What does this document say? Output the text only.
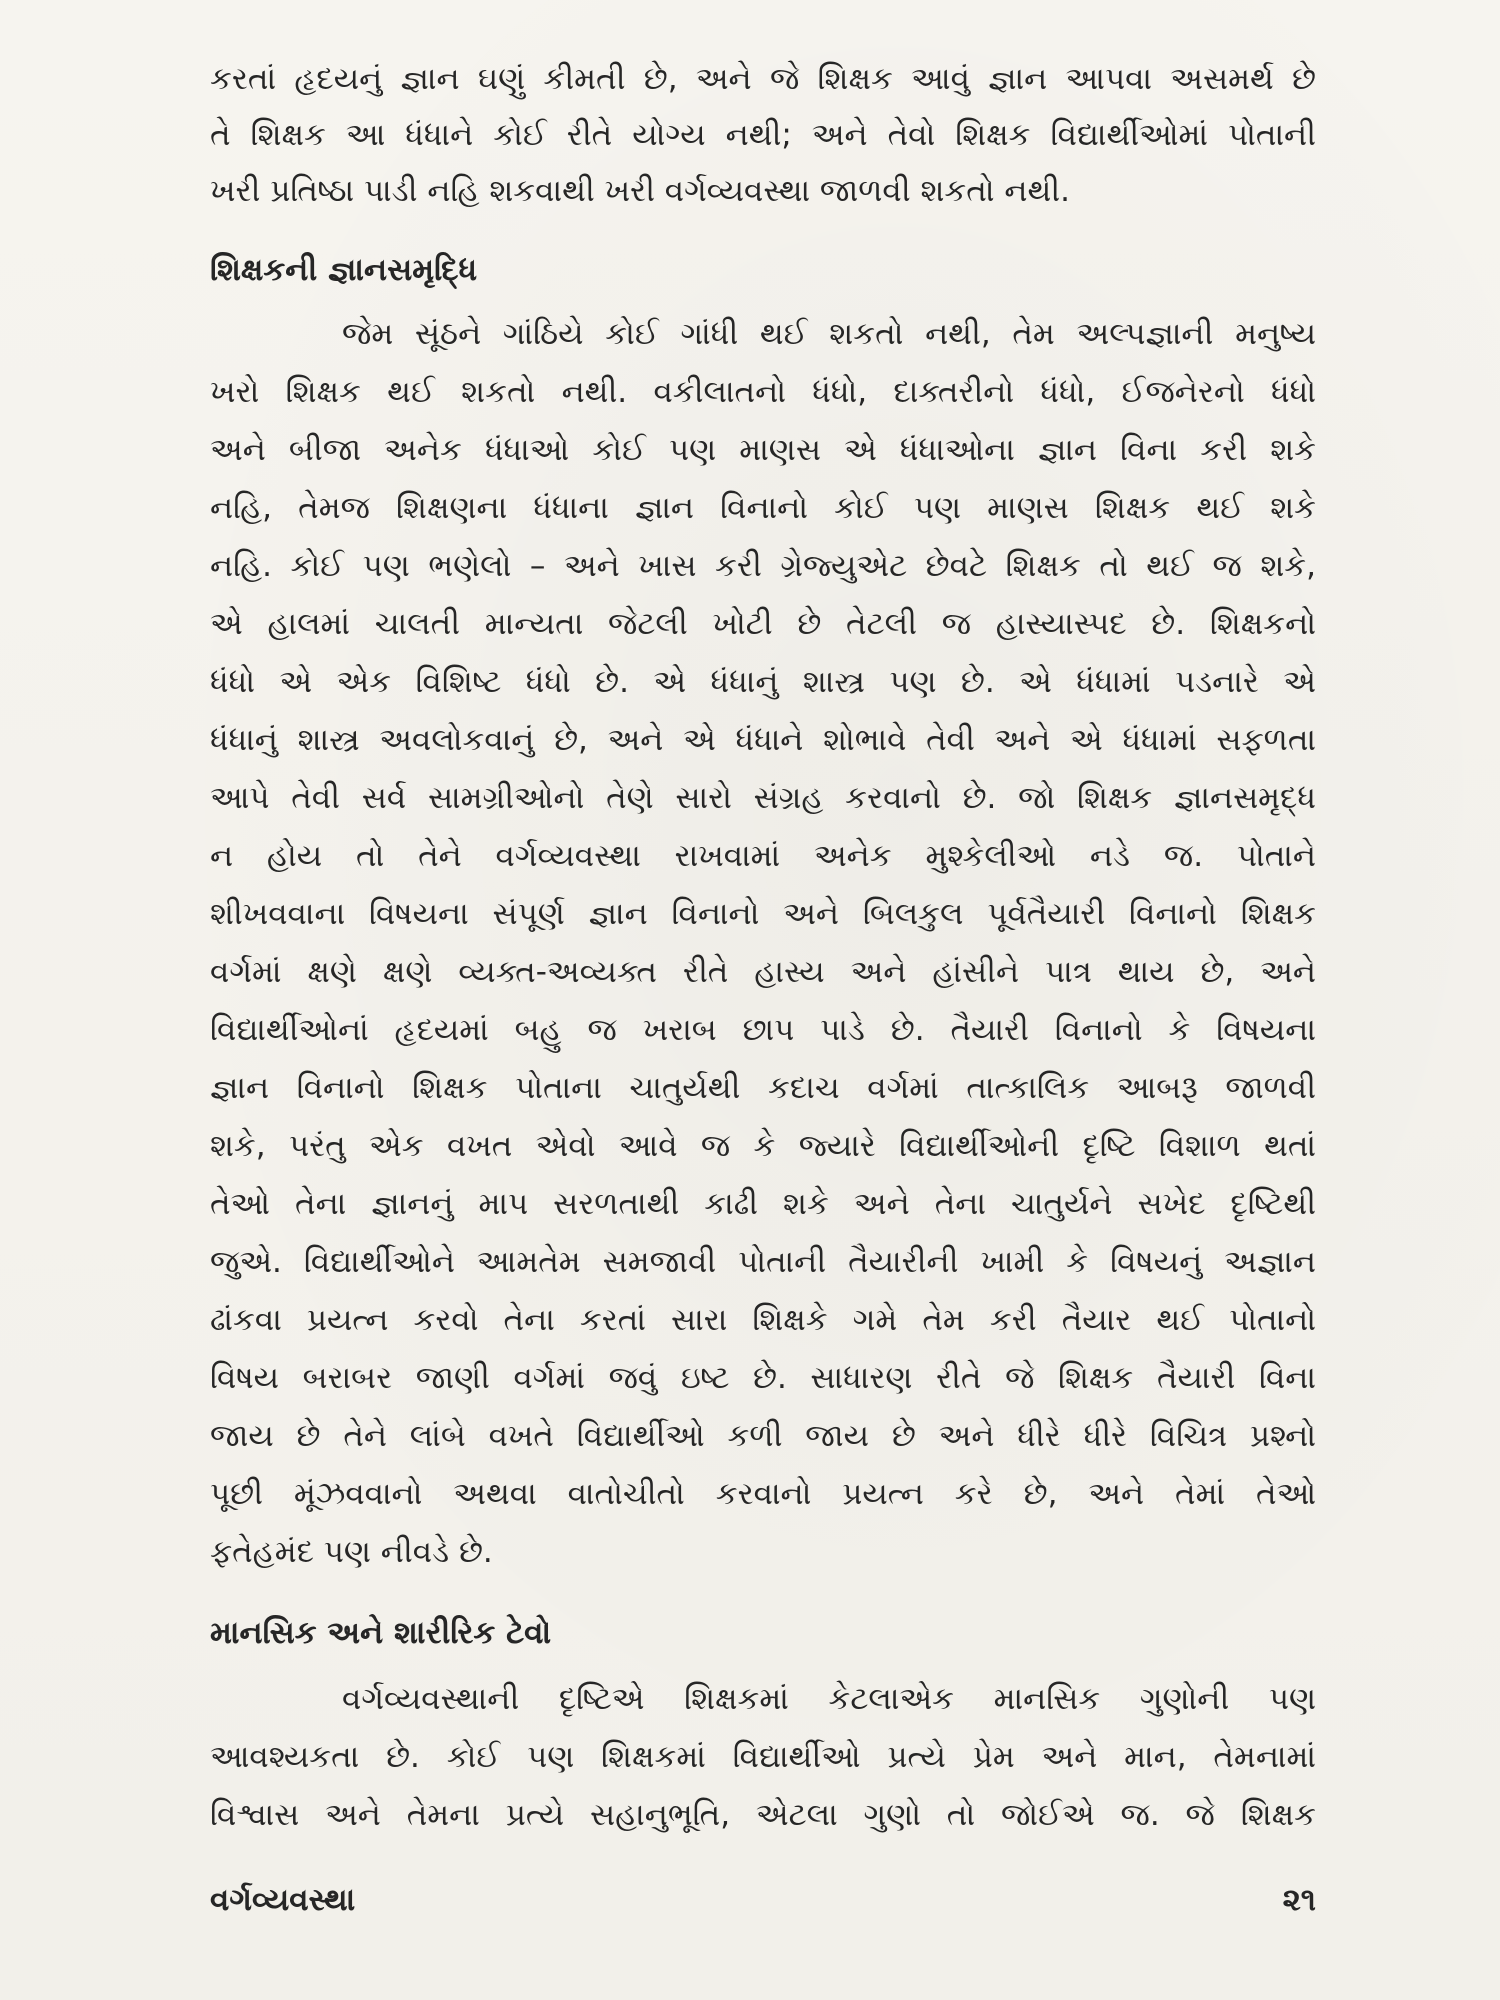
કરતાં હૃદયનું જ્ઞાન ઘણું કીમતી છે, અને જે શિક્ષક આવું જ્ઞાન આપવા અસમર્થ છે
તે શિક્ષક આ ધંધાને કોઈ રીતે યોગ્ય નથી; અને તેવો શિક્ષક વિદ્યાર્થીઓમાં પોતાની
ખરી પ્રતિષ્ઠા પાડી નહિ શકવાથી ખરી વર્ગવ્યવસ્થા જાળવી શકતો નથી.
શિક્ષકની જ્ઞાનસમૃદ્ધિ
જેમ સૂંઠને ગાંઠિયે કોઈ ગાંધી થઈ શકતો નથી, તેમ અલ્પજ્ઞાની મનુષ્ય
ખરો શિક્ષક થઈ શકતો નથી. વકીલાતનો ધંધો, દાક્તરીનો ધંધો, ઈજનેરનો ધંધો
અને બીજા અનેક ધંધાઓ કોઈ પણ માણસ એ ધંધાઓના જ્ઞાન વિના કરી શકે
નહિ, તેમજ શિક્ષણના ધંધાના જ્ઞાન વિનાનો કોઈ પણ માણસ શિક્ષક થઈ શકે
નહિ. કોઈ પણ ભણેલો – અને ખાસ કરી ગ્રેજ્યુએટ છેવટે શિક્ષક તો થઈ જ શકે,
એ હાલમાં ચાલતી માન્યતા જેટલી ખોટી છે તેટલી જ હાસ્યાસ્પદ છે. શિક્ષકનો
ધંધો એ એક વિશિષ્ટ ધંધો છે. એ ધંધાનું શાસ્ત્ર પણ છે. એ ધંધામાં પડનારે એ
ધંધાનું શાસ્ત્ર અવલોકવાનું છે, અને એ ધંધાને શોભાવે તેવી અને એ ધંધામાં સફળતા
આપે તેવી સર્વ સામગ્રીઓનો તેણે સારો સંગ્રહ કરવાનો છે. જો શિક્ષક જ્ઞાનસમૃદ્ધ
ન હોય તો તેને વર્ગવ્યવસ્થા રાખવામાં અનેક મુશ્કેલીઓ નડે જ. પોતાને
શીખવવાના વિષયના સંપૂર્ણ જ્ઞાન વિનાનો અને બિલકુલ પૂર્વતૈયારી વિનાનો શિક્ષક
વર્ગમાં ક્ષણે ક્ષણે વ્યક્ત-અવ્યક્ત રીતે હાસ્ય અને હાંસીને પાત્ર થાય છે, અને
વિદ્યાર્થીઓનાં હૃદયમાં બહુ જ ખરાબ છાપ પાડે છે. તૈયારી વિનાનો કે વિષયના
જ્ઞાન વિનાનો શિક્ષક પોતાના ચાતુર્યથી કદાચ વર્ગમાં તાત્કાલિક આબરૂ જાળવી
શકે, પરંતુ એક વખત એવો આવે જ કે જ્યારે વિદ્યાર્થીઓની દૃષ્ટિ વિશાળ થતાં
તેઓ તેના જ્ઞાનનું માપ સરળતાથી કાઢી શકે અને તેના ચાતુર્યને સખેદ દૃષ્ટિથી
જુએ. વિદ્યાર્થીઓને આમતેમ સમજાવી પોતાની તૈયારીની ખામી કે વિષયનું અજ્ઞાન
ઢાંકવા પ્રયત્ન કરવો તેના કરતાં સારા શિક્ષકે ગમે તેમ કરી તૈયાર થઈ પોતાનો
વિષય બરાબર જાણી વર્ગમાં જવું ઇષ્ટ છે. સાધારણ રીતે જે શિક્ષક તૈયારી વિના
જાય છે તેને લાંબે વખતે વિદ્યાર્થીઓ કળી જાય છે અને ધીરે ધીરે વિચિત્ર પ્રશ્નો
પૂછી મૂંઝવવાનો અથવા વાતોચીતો કરવાનો પ્રયત્ન કરે છે, અને તેમાં તેઓ
ફતેહમંદ પણ નીવડે છે.
માનસિક અને શારીરિક ટેવો
વર્ગવ્યવસ્થાની દૃષ્ટિએ શિક્ષકમાં કેટલાએક માનસિક ગુણોની પણ
આવશ્યકતા છે. કોઈ પણ શિક્ષકમાં વિદ્યાર્થીઓ પ્રત્યે પ્રેમ અને માન, તેમનામાં
વિશ્વાસ અને તેમના પ્રત્યે સહાનુભૂતિ, એટલા ગુણો તો જોઈએ જ. જે શિક્ષક
વર્ગવ્યવસ્થા	૨૧
